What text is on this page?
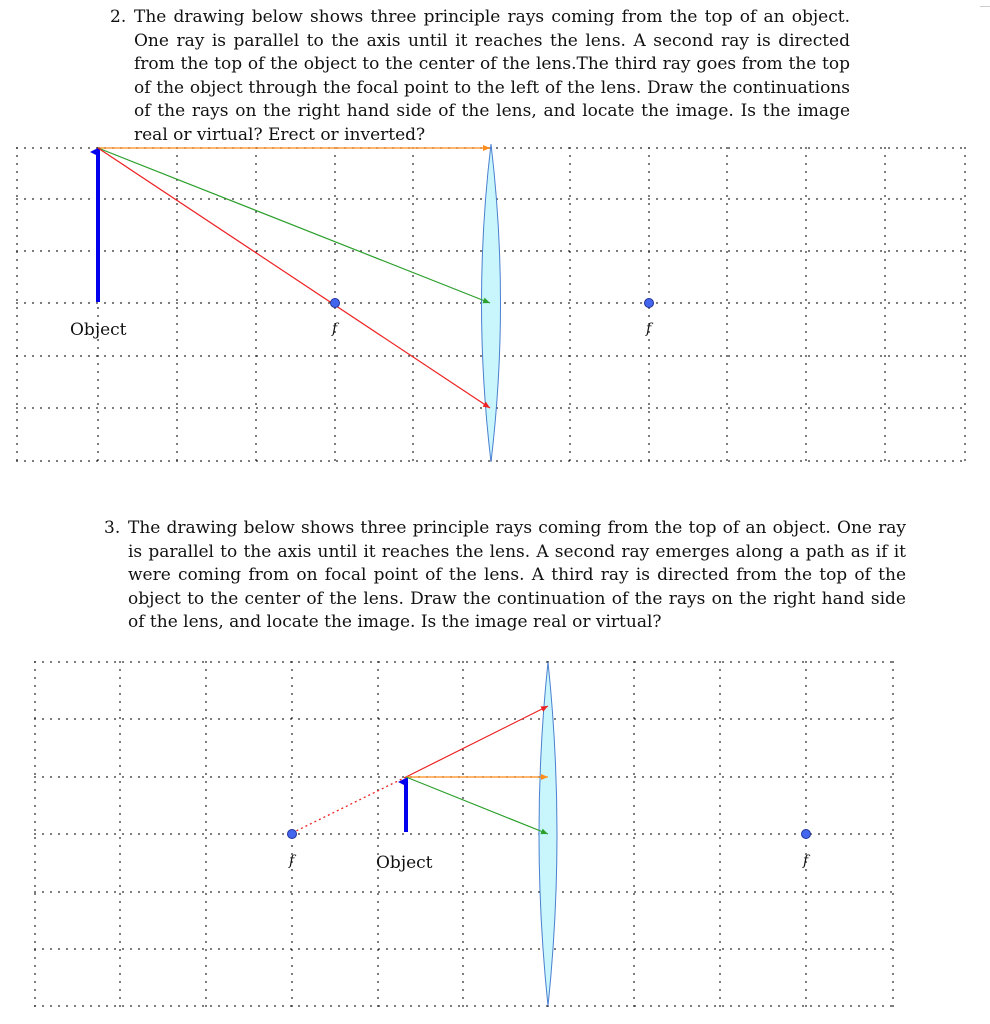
2. The drawing below shows three principle rays coming from the top of an object. One ray is parallel to the axis until it reaches the lens. A second ray is directed from the top of the object to the center of the lens.The third ray goes from the top of the object through the focal point to the left of the lens. Draw the continuations of the rays on the right hand side of the lens, and locate the image. Is the image real or virtual? Erect or inverted?
Object	f	f
3. The drawing below shows three principle rays coming from the top of an object. One ray is parallel to the axis until it reaches the lens. A second ray emerges along a path as if it were coming from on focal point of the lens. A third ray is directed from the top of the object to the center of the lens. Draw the continuation of the rays on the right hand side of the lens, and locate the image. Is the image real or virtual?
Object
f	f
